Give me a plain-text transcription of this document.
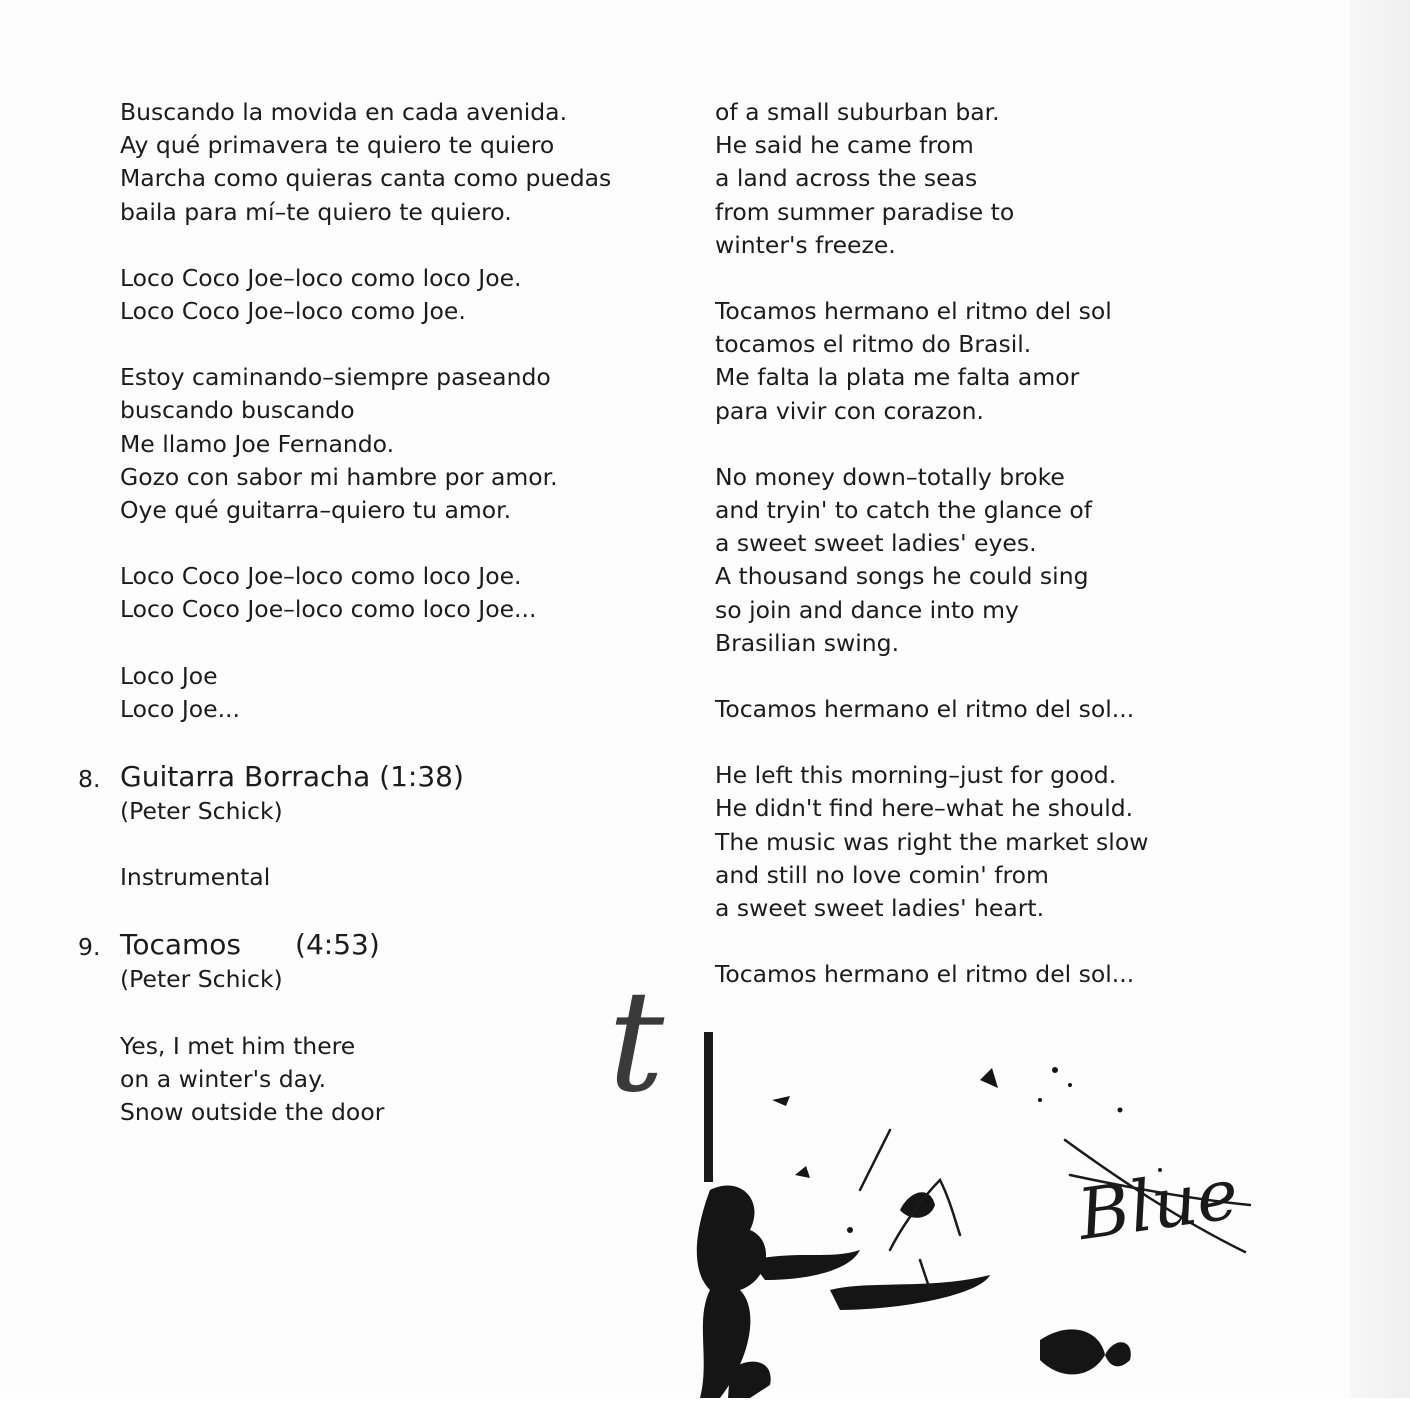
Buscando la movida en cada avenida.
Ay qué primavera te quiero te quiero
Marcha como quieras canta como puedas
baila para mí–te quiero te quiero.
Loco Coco Joe–loco como loco Joe.
Loco Coco Joe–loco como Joe.
Estoy caminando–siempre paseando
buscando buscando
Me llamo Joe Fernando.
Gozo con sabor mi hambre por amor.
Oye qué guitarra–quiero tu amor.
Loco Coco Joe–loco como loco Joe.
Loco Coco Joe–loco como loco Joe...
Loco Joe
Loco Joe...
8. Guitarra Borracha (1:38)
(Peter Schick)
Instrumental
9. Tocamos (4:53)
(Peter Schick)
Yes, I met him there
on a winter's day.
Snow outside the door
of a small suburban bar.
He said he came from
a land across the seas
from summer paradise to
winter's freeze.
Tocamos hermano el ritmo del sol
tocamos el ritmo do Brasil.
Me falta la plata me falta amor
para vivir con corazon.
No money down–totally broke
and tryin' to catch the glance of
a sweet sweet ladies' eyes.
A thousand songs he could sing
so join and dance into my
Brasilian swing.
Tocamos hermano el ritmo del sol...
He left this morning–just for good.
He didn't find here–what he should.
The music was right the market slow
and still no love comin' from
a sweet sweet ladies' heart.
Tocamos hermano el ritmo del sol...
t
Blue
